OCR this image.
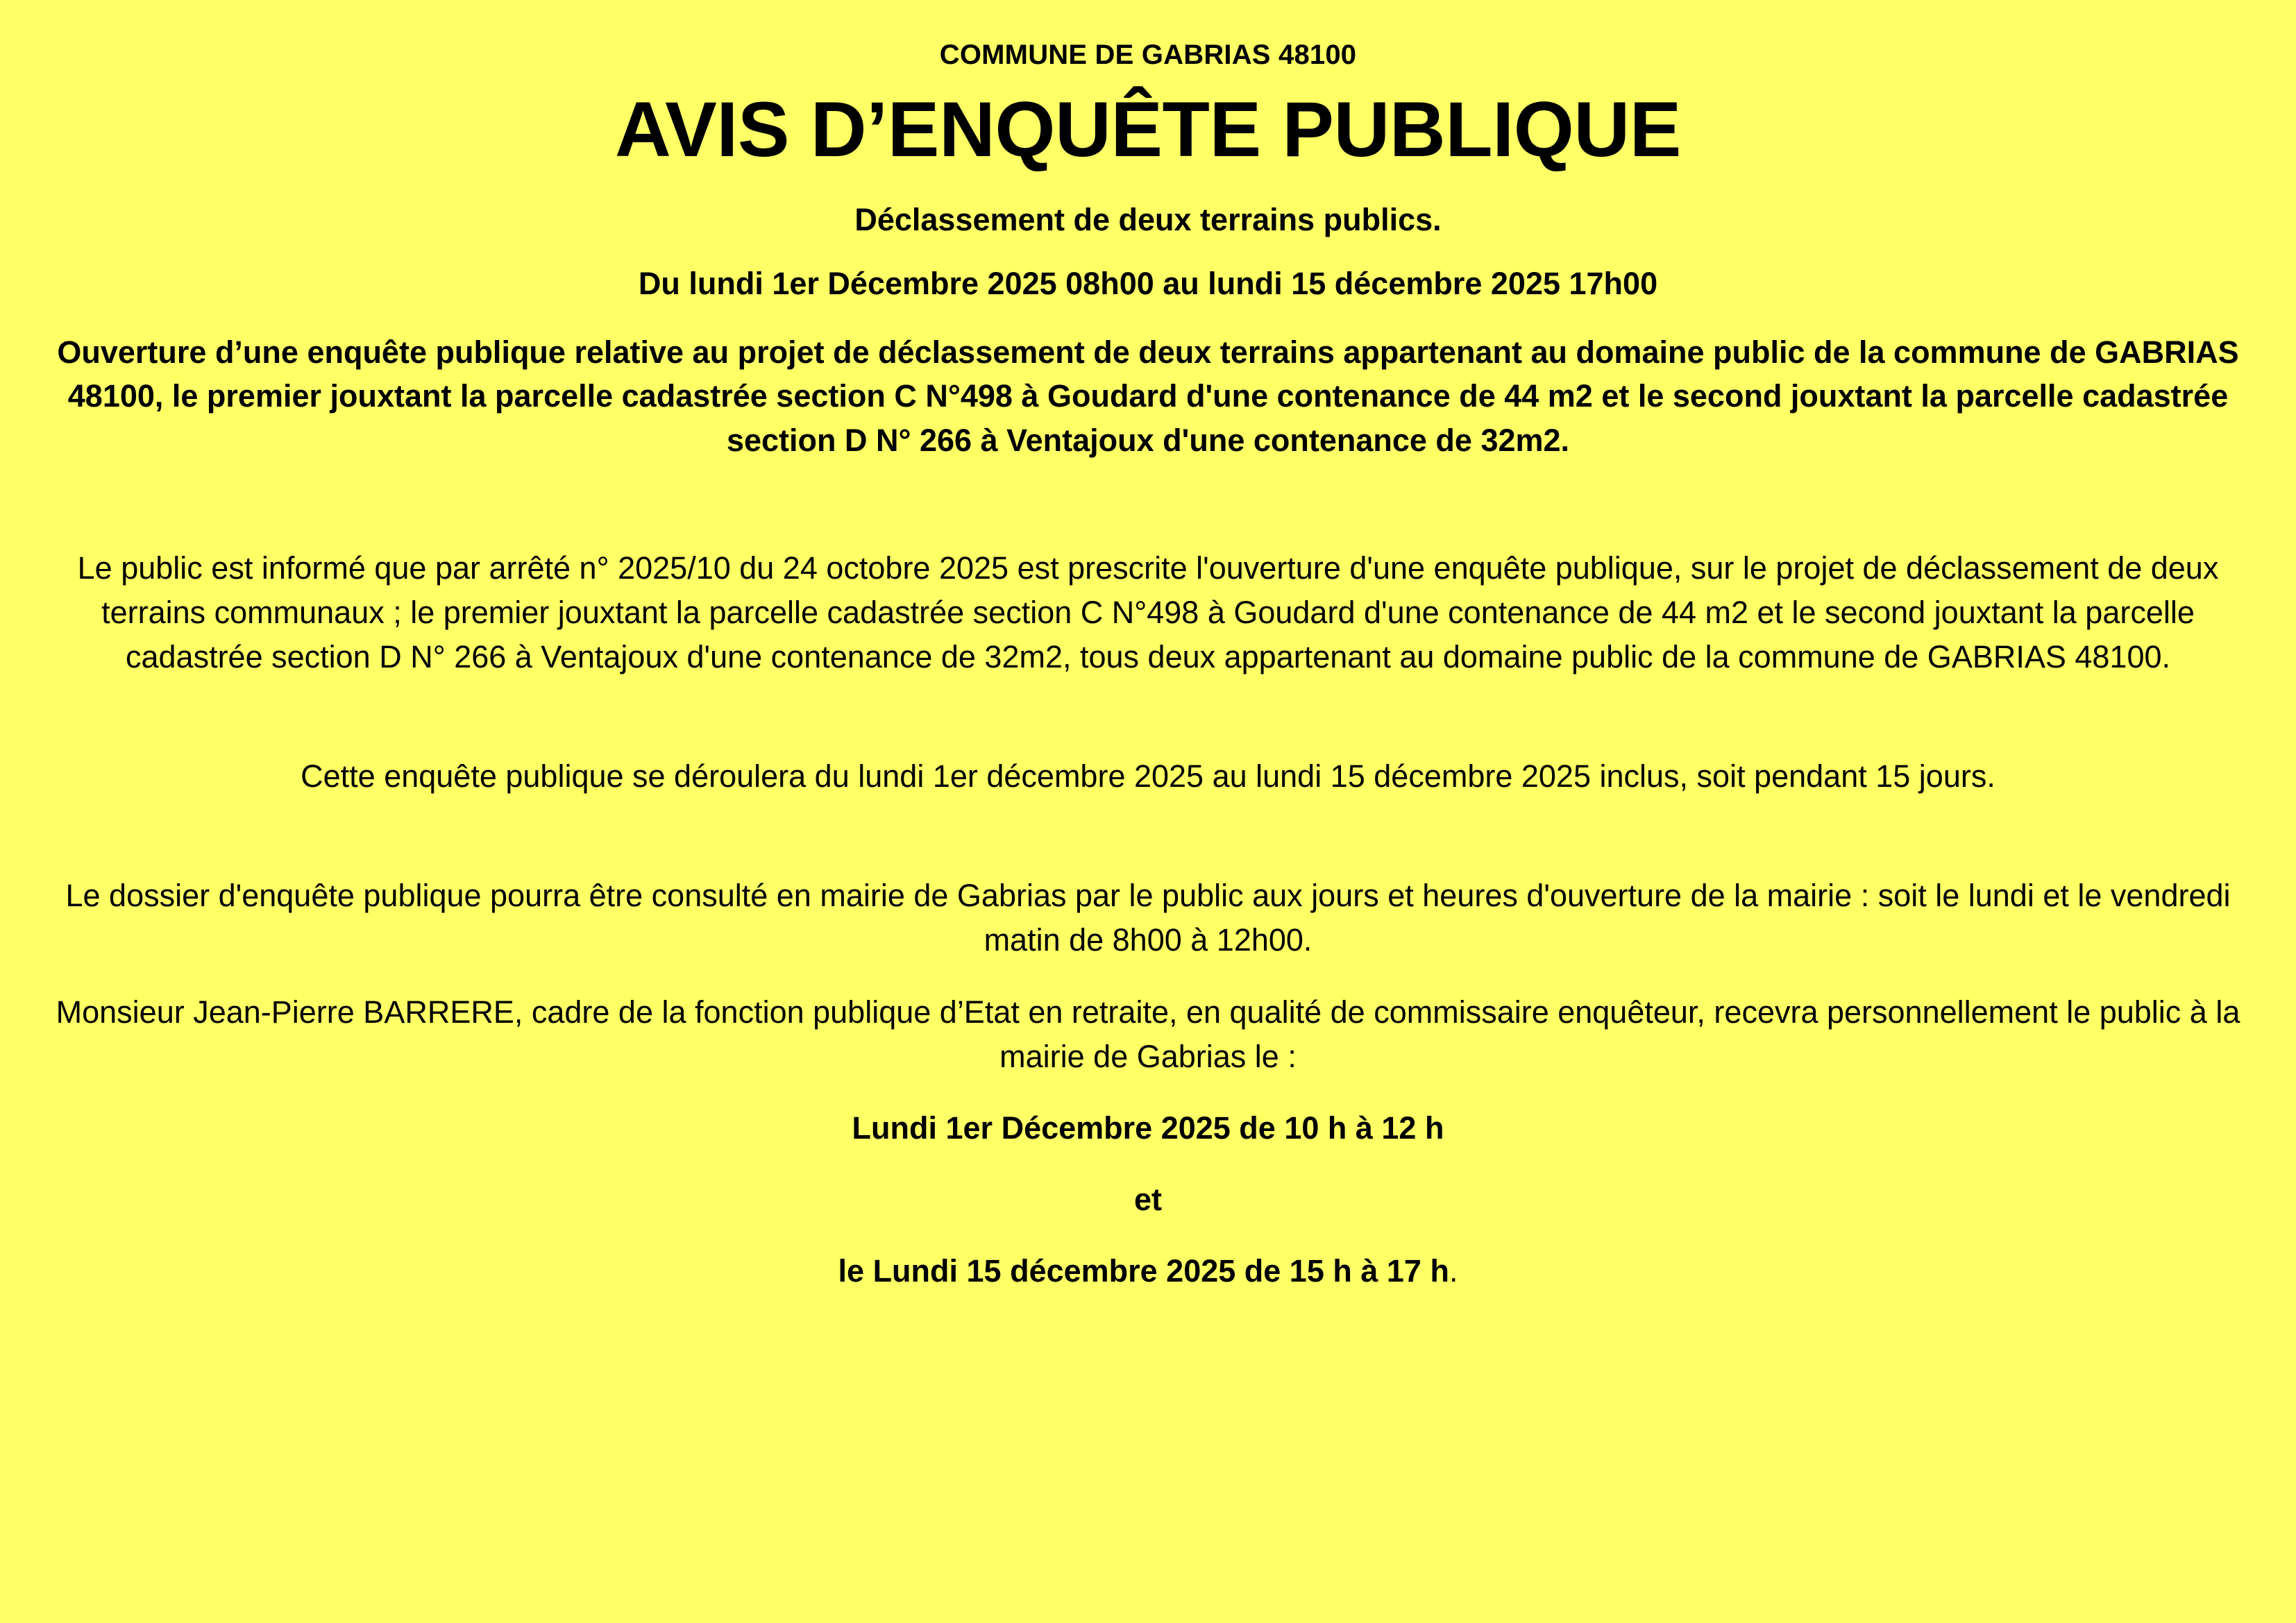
COMMUNE DE GABRIAS 48100
AVIS D’ENQUÊTE PUBLIQUE
Déclassement de deux terrains publics.
Du lundi 1er Décembre 2025 08h00 au lundi 15 décembre 2025 17h00

Ouverture d’une enquête publique relative au projet de déclassement de deux terrains appartenant au domaine public de la commune de GABRIAS 48100, le premier jouxtant la parcelle cadastrée section C N°498 à Goudard d'une contenance de 44 m2 et le second jouxtant la parcelle cadastrée section D N° 266 à Ventajoux d'une contenance de 32m2.

Le public est informé que par arrêté n° 2025/10 du 24 octobre 2025 est prescrite l'ouverture d'une enquête publique, sur le projet de déclassement de deux terrains communaux ; le premier jouxtant la parcelle cadastrée section C N°498 à Goudard d'une contenance de 44 m2 et le second jouxtant la parcelle cadastrée section D N° 266 à Ventajoux d'une contenance de 32m2, tous deux appartenant au domaine public de la commune de GABRIAS 48100.

Cette enquête publique se déroulera du lundi 1er décembre 2025 au lundi 15 décembre 2025 inclus, soit pendant 15 jours.

Le dossier d'enquête publique pourra être consulté en mairie de Gabrias par le public aux jours et heures d'ouverture de la mairie : soit le lundi et le vendredi matin de 8h00 à 12h00.

Monsieur Jean-Pierre BARRERE, cadre de la fonction publique d’Etat en retraite, en qualité de commissaire enquêteur, recevra personnellement le public à la mairie de Gabrias le :

Lundi 1er Décembre 2025 de 10 h à 12 h

et

le Lundi 15 décembre 2025 de 15 h à 17 h.
